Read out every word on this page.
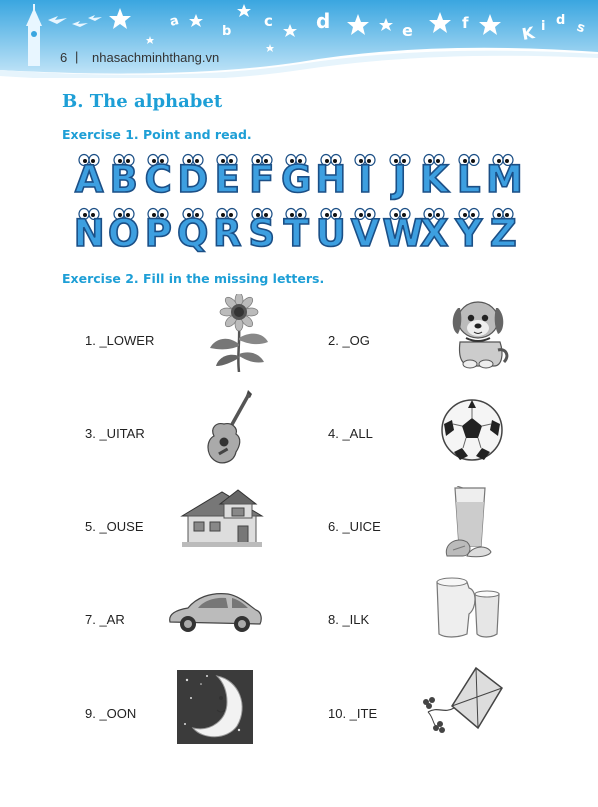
a
b
c d	e	f
K i d s
6 | nhasachminhthang.vn
B. The alphabet
Exercise 1. Point and read.
A B C D E F G H I J K L M
N O P Q R S T U V W
X Y Z
Exercise 2. Fill in the missing letters.
1. _LOWER	2. _OG
3. _UITAR	4. _ALL
5. _OUSE	6. _UICE
7. _AR	8. _ILK
9. _OON	10. _ITE
